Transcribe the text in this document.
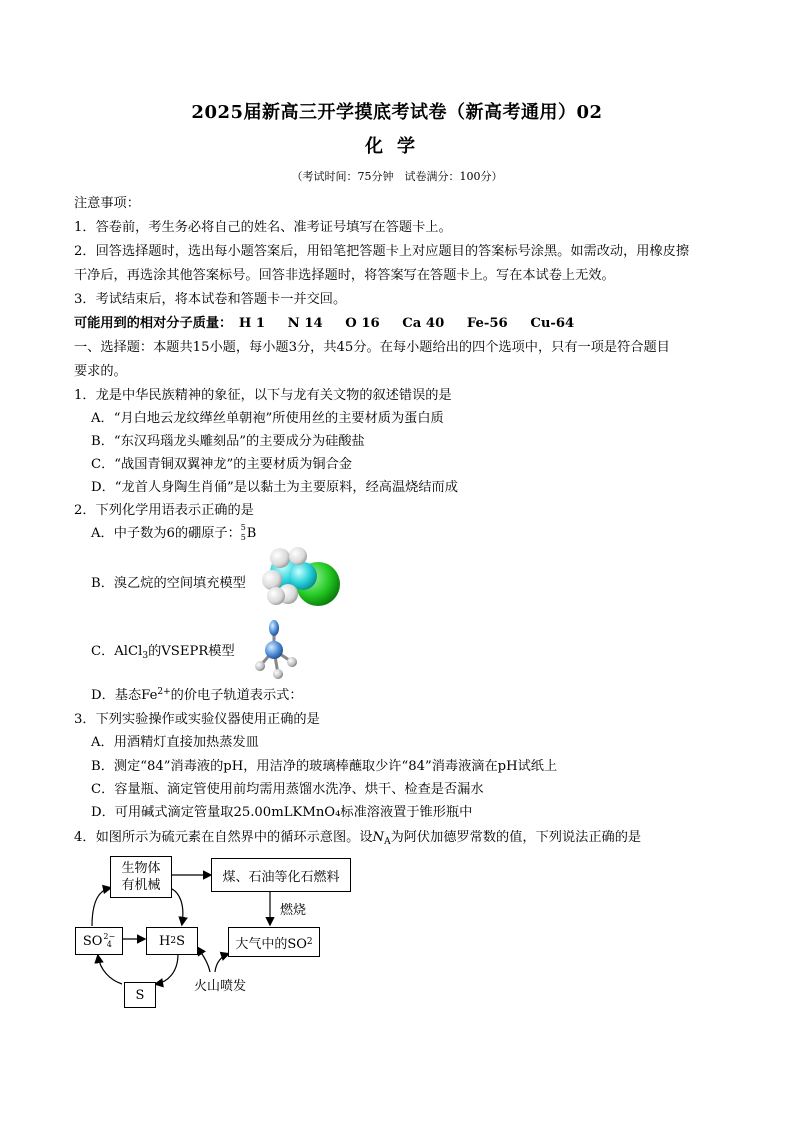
2025届新高三开学摸底考试卷（新高考通用）02
化学
（考试时间：75分钟　试卷满分：100分）
注意事项：
1．答卷前，考生务必将自己的姓名、准考证号填写在答题卡上。
2．回答选择题时，选出每小题答案后，用铅笔把答题卡上对应题目的答案标号涂黑。如需改动，用橡皮擦
干净后，再选涂其他答案标号。回答非选择题时，将答案写在答题卡上。写在本试卷上无效。
3．考试结束后，将本试卷和答题卡一并交回。
可能用到的相对分子质量： H 1 N 14 O 16 Ca 40 Fe-56 Cu-64
一、选择题：本题共15小题，每小题3分，共45分。在每小题给出的四个选项中，只有一项是符合题目
要求的。
1．龙是中华民族精神的象征，以下与龙有关文物的叙述错误的是
A．“月白地云龙纹缂丝单朝袍”所使用丝的主要材质为蛋白质
B．“东汉玛瑙龙头雕刻品”的主要成分为硅酸盐
C．“战国青铜双翼神龙”的主要材质为铜合金
D．“龙首人身陶生肖俑”是以黏土为主要原料，经高温烧结而成
2．下列化学用语表示正确的是
A．中子数为6的硼原子： 5
5 B
B．溴乙烷的空间填充模型
C．AlCl$_3$的VSEPR模型
D．基态$Fe^{2+}$的价电子轨道表示式：
3．下列实验操作或实验仪器使用正确的是
A．用酒精灯直接加热蒸发皿
B．测定“84”消毒液的pH，用洁净的玻璃棒蘸取少许“84”消毒液滴在pH试纸上
C．容量瓶、滴定管使用前均需用蒸馏水洗净、烘干、检查是否漏水
D．可用碱式滴定管量取25.00mLKMnO₄标准溶液置于锥形瓶中
4．如图所示为硫元素在自然界中的循环示意图。设$N_A$为阿伏加德罗常数的值，下列说法正确的是
生物体
有机械
煤、石油等化石燃料
燃烧
SO 2−
4	H 2 S	大气中的SO 2
S
火山喷发
